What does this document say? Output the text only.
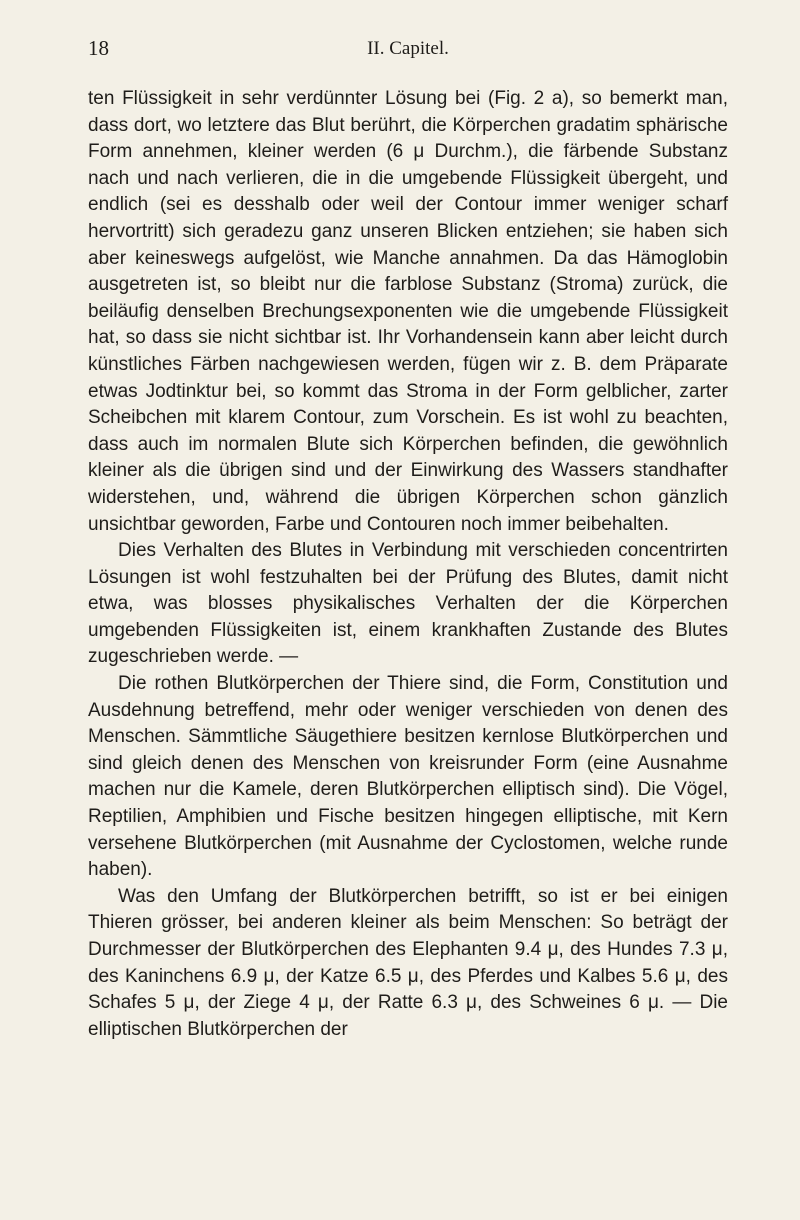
18	II. Capitel.

ten Flüssigkeit in sehr verdünnter Lösung bei (Fig. 2 a), so bemerkt man, dass dort, wo letztere das Blut berührt, die Körperchen gradatim sphärische Form annehmen, kleiner werden (6 μ Durchm.), die färbende Substanz nach und nach verlieren, die in die umgebende Flüssigkeit übergeht, und endlich (sei es desshalb oder weil der Contour immer weniger scharf hervortritt) sich geradezu ganz unseren Blicken entziehen; sie haben sich aber keineswegs aufgelöst, wie Manche annahmen. Da das Hämoglobin ausgetreten ist, so bleibt nur die farblose Substanz (Stroma) zurück, die beiläufig denselben Brechungsexponenten wie die umgebende Flüssigkeit hat, so dass sie nicht sichtbar ist. Ihr Vorhandensein kann aber leicht durch künstliches Färben nachgewiesen werden, fügen wir z. B. dem Präparate etwas Jodtinktur bei, so kommt das Stroma in der Form gelblicher, zarter Scheibchen mit klarem Contour, zum Vorschein. Es ist wohl zu beachten, dass auch im normalen Blute sich Körperchen befinden, die gewöhnlich kleiner als die übrigen sind und der Einwirkung des Wassers standhafter widerstehen, und, während die übrigen Körperchen schon gänzlich unsichtbar geworden, Farbe und Contouren noch immer beibehalten.

Dies Verhalten des Blutes in Verbindung mit verschieden concentrirten Lösungen ist wohl festzuhalten bei der Prüfung des Blutes, damit nicht etwa, was blosses physikalisches Verhalten der die Körperchen umgebenden Flüssigkeiten ist, einem krankhaften Zustande des Blutes zugeschrieben werde. —

Die rothen Blutkörperchen der Thiere sind, die Form, Constitution und Ausdehnung betreffend, mehr oder weniger verschieden von denen des Menschen. Sämmtliche Säugethiere besitzen kernlose Blutkörperchen und sind gleich denen des Menschen von kreisrunder Form (eine Ausnahme machen nur die Kamele, deren Blutkörperchen elliptisch sind). Die Vögel, Reptilien, Amphibien und Fische besitzen hingegen elliptische, mit Kern versehene Blutkörperchen (mit Ausnahme der Cyclostomen, welche runde haben).

Was den Umfang der Blutkörperchen betrifft, so ist er bei einigen Thieren grösser, bei anderen kleiner als beim Menschen: So beträgt der Durchmesser der Blutkörperchen des Elephanten 9.4 μ, des Hundes 7.3 μ, des Kaninchens 6.9 μ, der Katze 6.5 μ, des Pferdes und Kalbes 5.6 μ, des Schafes 5 μ, der Ziege 4 μ, der Ratte 6.3 μ, des Schweines 6 μ. — Die elliptischen Blutkörperchen der
